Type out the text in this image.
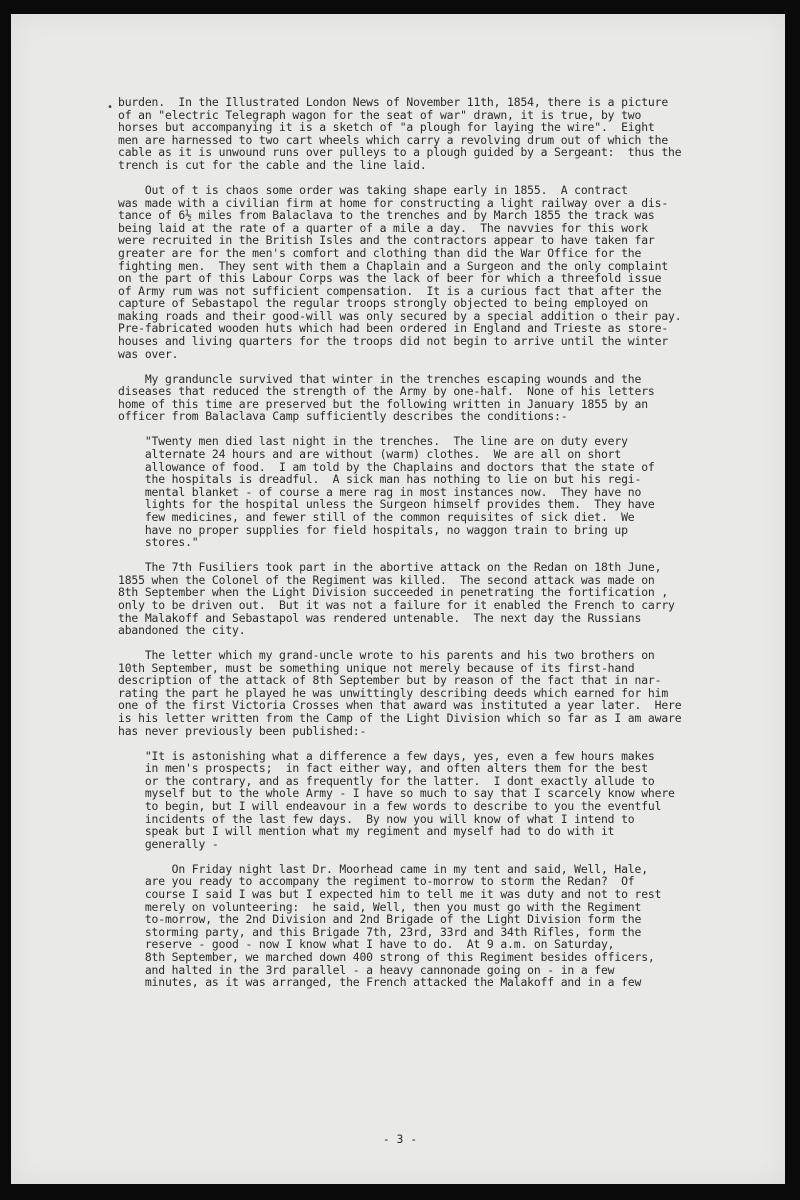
• burden.  In the Illustrated London News of November 11th, 1854, there is a picture
of an "electric Telegraph wagon for the seat of war" drawn, it is true, by two
horses but accompanying it is a sketch of "a plough for laying the wire".  Eight
men are harnessed to two cart wheels which carry a revolving drum out of which the
cable as it is unwound runs over pulleys to a plough guided by a Sergeant:  thus the
trench is cut for the cable and the line laid.

Out of t is chaos some order was taking shape early in 1855.  A contract
was made with a civilian firm at home for constructing a light railway over a dis-
tance of 6½ miles from Balaclava to the trenches and by March 1855 the track was
being laid at the rate of a quarter of a mile a day.  The navvies for this work
were recruited in the British Isles and the contractors appear to have taken far
greater are for the men's comfort and clothing than did the War Office for the
fighting men.  They sent with them a Chaplain and a Surgeon and the only complaint
on the part of this Labour Corps was the lack of beer for which a threefold issue
of Army rum was not sufficient compensation.  It is a curious fact that after the
capture of Sebastapol the regular troops strongly objected to being employed on
making roads and their good-will was only secured by a special addition o their pay.
Pre-fabricated wooden huts which had been ordered in England and Trieste as store-
houses and living quarters for the troops did not begin to arrive until the winter
was over.

My granduncle survived that winter in the trenches escaping wounds and the
diseases that reduced the strength of the Army by one-half.  None of his letters
home of this time are preserved but the following written in January 1855 by an
officer from Balaclava Camp sufficiently describes the conditions:-

"Twenty men died last night in the trenches.  The line are on duty every
alternate 24 hours and are without (warm) clothes.  We are all on short
allowance of food.  I am told by the Chaplains and doctors that the state of
the hospitals is dreadful.  A sick man has nothing to lie on but his regi-
mental blanket - of course a mere rag in most instances now.  They have no
lights for the hospital unless the Surgeon himself provides them.  They have
few medicines, and fewer still of the common requisites of sick diet.  We
have no proper supplies for field hospitals, no waggon train to bring up
stores."

The 7th Fusiliers took part in the abortive attack on the Redan on 18th June,
1855 when the Colonel of the Regiment was killed.  The second attack was made on
8th September when the Light Division succeeded in penetrating the fortification ,
only to be driven out.  But it was not a failure for it enabled the French to carry
the Malakoff and Sebastapol was rendered untenable.  The next day the Russians
abandoned the city.

The letter which my grand-uncle wrote to his parents and his two brothers on
10th September, must be something unique not merely because of its first-hand
description of the attack of 8th September but by reason of the fact that in nar-
rating the part he played he was unwittingly describing deeds which earned for him
one of the first Victoria Crosses when that award was instituted a year later.  Here
is his letter written from the Camp of the Light Division which so far as I am aware
has never previously been published:-

"It is astonishing what a difference a few days, yes, even a few hours makes
in men's prospects;  in fact either way, and often alters them for the best
or the contrary, and as frequently for the latter.  I dont exactly allude to
myself but to the whole Army - I have so much to say that I scarcely know where
to begin, but I will endeavour in a few words to describe to you the eventful
incidents of the last few days.  By now you will know of what I intend to
speak but I will mention what my regiment and myself had to do with it
generally -

On Friday night last Dr. Moorhead came in my tent and said, Well, Hale,
are you ready to accompany the regiment to-morrow to storm the Redan?  Of
course I said I was but I expected him to tell me it was duty and not to rest
merely on volunteering:  he said, Well, then you must go with the Regiment
to-morrow, the 2nd Division and 2nd Brigade of the Light Division form the
storming party, and this Brigade 7th, 23rd, 33rd and 34th Rifles, form the
reserve - good - now I know what I have to do.  At 9 a.m. on Saturday,
8th September, we marched down 400 strong of this Regiment besides officers,
and halted in the 3rd parallel - a heavy cannonade going on - in a few
minutes, as it was arranged, the French attacked the Malakoff and in a few

- 3 -
